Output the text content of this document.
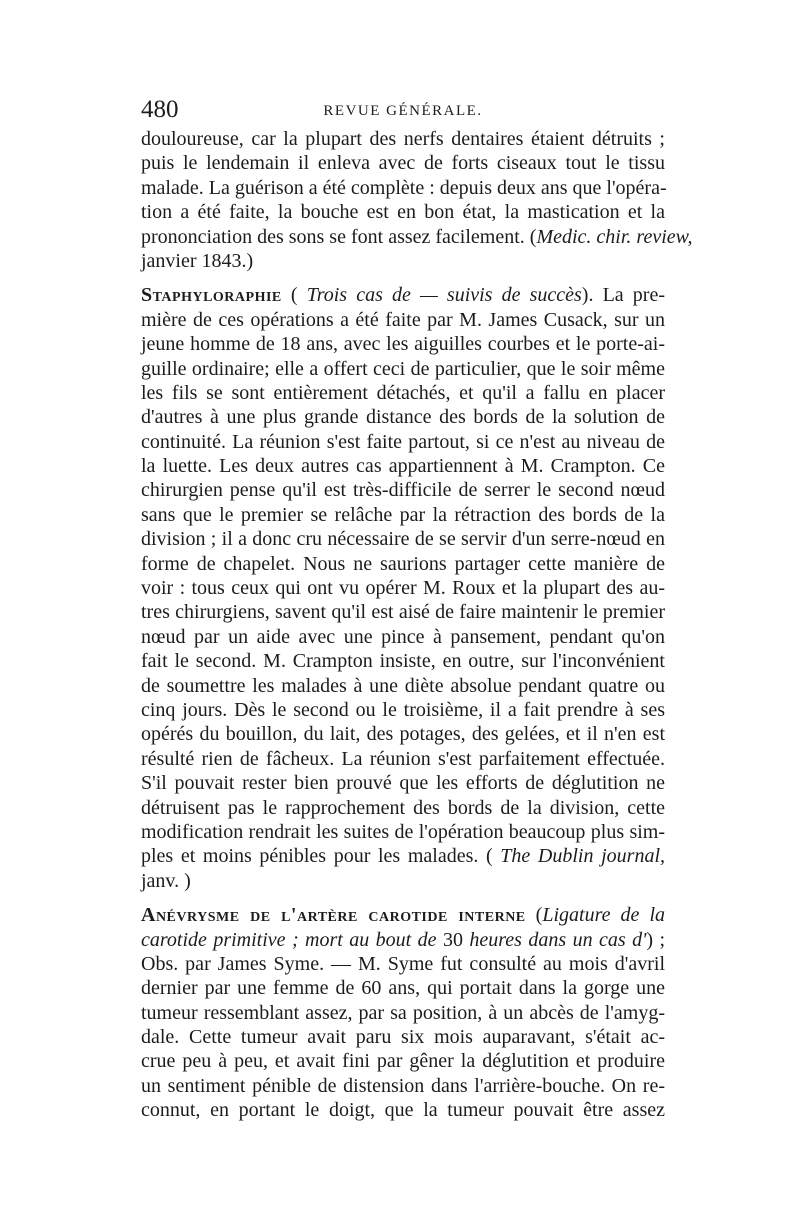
480	REVUE GÉNÉRALE.
douloureuse, car la plupart des nerfs dentaires étaient détruits ;
puis le lendemain il enleva avec de forts ciseaux tout le tissu
malade. La guérison a été complète : depuis deux ans que l'opéra-
tion a été faite, la bouche est en bon état, la mastication et la
prononciation des sons se font assez facilement. (Medic. chir. review,
janvier 1843.)
Staphyloraphie ( Trois cas de — suivis de succès). La pre-
mière de ces opérations a été faite par M. James Cusack, sur un
jeune homme de 18 ans, avec les aiguilles courbes et le porte-ai-
guille ordinaire; elle a offert ceci de particulier, que le soir même
les fils se sont entièrement détachés, et qu'il a fallu en placer
d'autres à une plus grande distance des bords de la solution de
continuité. La réunion s'est faite partout, si ce n'est au niveau de
la luette. Les deux autres cas appartiennent à M. Crampton. Ce
chirurgien pense qu'il est très-difficile de serrer le second nœud
sans que le premier se relâche par la rétraction des bords de la
division ; il a donc cru nécessaire de se servir d'un serre-nœud en
forme de chapelet. Nous ne saurions partager cette manière de
voir : tous ceux qui ont vu opérer M. Roux et la plupart des au-
tres chirurgiens, savent qu'il est aisé de faire maintenir le premier
nœud par un aide avec une pince à pansement, pendant qu'on
fait le second. M. Crampton insiste, en outre, sur l'inconvénient
de soumettre les malades à une diète absolue pendant quatre ou
cinq jours. Dès le second ou le troisième, il a fait prendre à ses
opérés du bouillon, du lait, des potages, des gelées, et il n'en est
résulté rien de fâcheux. La réunion s'est parfaitement effectuée.
S'il pouvait rester bien prouvé que les efforts de déglutition ne
détruisent pas le rapprochement des bords de la division, cette
modification rendrait les suites de l'opération beaucoup plus sim-
ples et moins pénibles pour les malades. ( The Dublin journal,
janv. )
Anévrysme de l'artère carotide interne (Ligature de la
carotide primitive ; mort au bout de 30 heures dans un cas d') ;
Obs. par James Syme. — M. Syme fut consulté au mois d'avril
dernier par une femme de 60 ans, qui portait dans la gorge une
tumeur ressemblant assez, par sa position, à un abcès de l'amyg-
dale. Cette tumeur avait paru six mois auparavant, s'était ac-
crue peu à peu, et avait fini par gêner la déglutition et produire
un sentiment pénible de distension dans l'arrière-bouche. On re-
connut, en portant le doigt, que la tumeur pouvait être assez
